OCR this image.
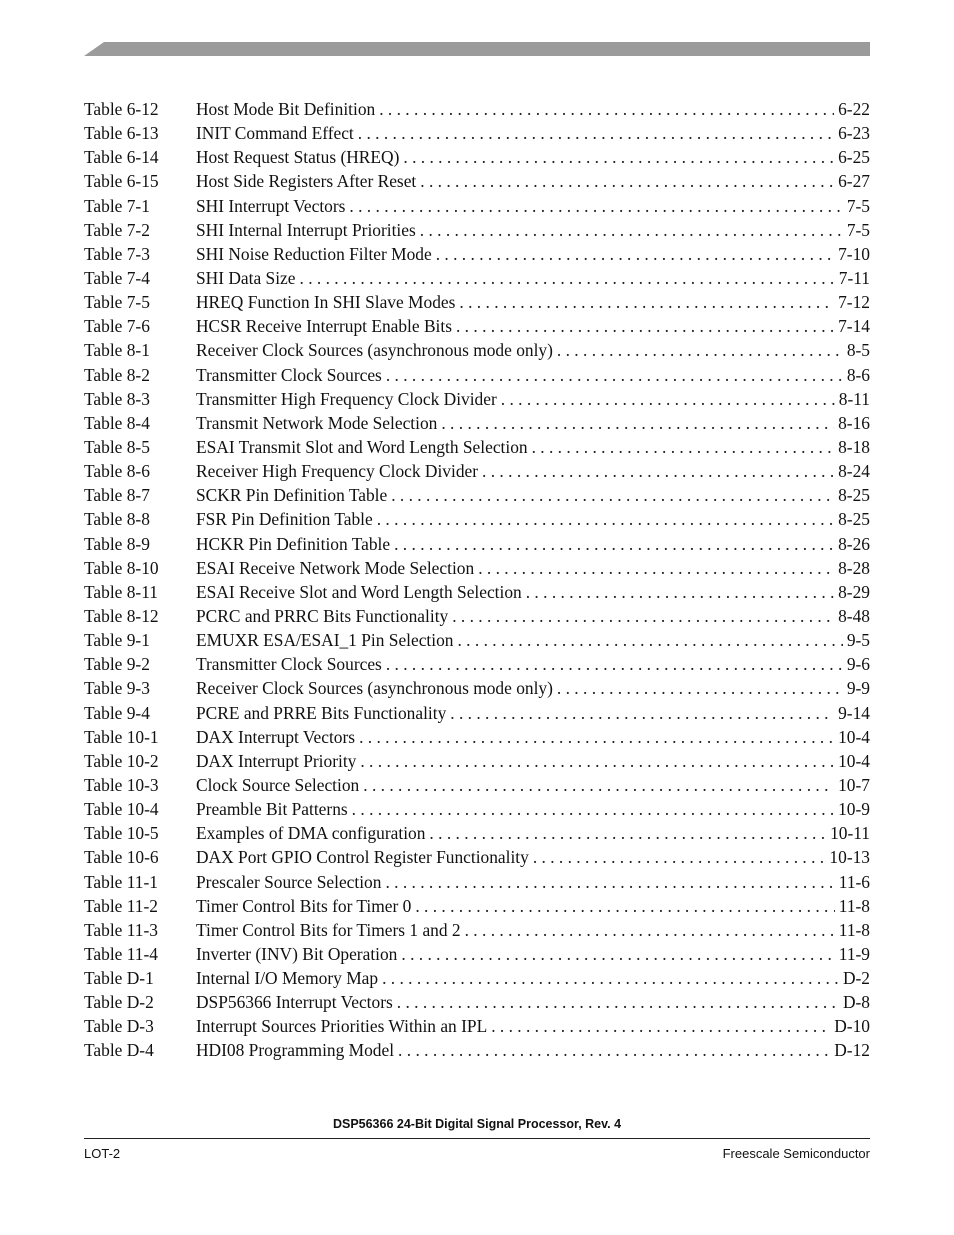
Table 6-12	Host Mode Bit Definition . . .	6-22
Table 6-13	INIT Command Effect . . .	6-23
Table 6-14	Host Request Status (HREQ) . . .	6-25
Table 6-15	Host Side Registers After Reset . . .	6-27
Table 7-1	SHI Interrupt Vectors . . .	7-5
Table 7-2	SHI Internal Interrupt Priorities . . .	7-5
Table 7-3	SHI Noise Reduction Filter Mode . . .	7-10
Table 7-4	SHI Data Size . . .	7-11
Table 7-5	HREQ Function In SHI Slave Modes . . .	7-12
Table 7-6	HCSR Receive Interrupt Enable Bits . . .	7-14
Table 8-1	Receiver Clock Sources (asynchronous mode only) . . .	8-5
Table 8-2	Transmitter Clock Sources . . .	8-6
Table 8-3	Transmitter High Frequency Clock Divider . . .	8-11
Table 8-4	Transmit Network Mode Selection . . .	8-16
Table 8-5	ESAI Transmit Slot and Word Length Selection . . .	8-18
Table 8-6	Receiver High Frequency Clock Divider . . .	8-24
Table 8-7	SCKR Pin Definition Table . . .	8-25
Table 8-8	FSR Pin Definition Table . . .	8-25
Table 8-9	HCKR Pin Definition Table . . .	8-26
Table 8-10	ESAI Receive Network Mode Selection . . .	8-28
Table 8-11	ESAI Receive Slot and Word Length Selection . . .	8-29
Table 8-12	PCRC and PRRC Bits Functionality . . .	8-48
Table 9-1	EMUXR ESA/ESAI_1 Pin Selection . . .	9-5
Table 9-2	Transmitter Clock Sources . . .	9-6
Table 9-3	Receiver Clock Sources (asynchronous mode only) . . .	9-9
Table 9-4	PCRE and PRRE Bits Functionality . . .	9-14
Table 10-1	DAX Interrupt Vectors . . .	10-4
Table 10-2	DAX Interrupt Priority . . .	10-4
Table 10-3	Clock Source Selection . . .	10-7
Table 10-4	Preamble Bit Patterns . . .	10-9
Table 10-5	Examples of DMA configuration . . .	10-11
Table 10-6	DAX Port GPIO Control Register Functionality . . .	10-13
Table 11-1	Prescaler Source Selection . . .	11-6
Table 11-2	Timer Control Bits for Timer 0 . . .	11-8
Table 11-3	Timer Control Bits for Timers 1 and 2 . . .	11-8
Table 11-4	Inverter (INV) Bit Operation . . .	11-9
Table D-1	Internal I/O Memory Map . . .	D-2
Table D-2	DSP56366 Interrupt Vectors . . .	D-8
Table D-3	Interrupt Sources Priorities Within an IPL . . .	D-10
Table D-4	HDI08 Programming Model . . .	D-12
DSP56366 24-Bit Digital Signal Processor, Rev. 4
LOT-2	Freescale Semiconductor
